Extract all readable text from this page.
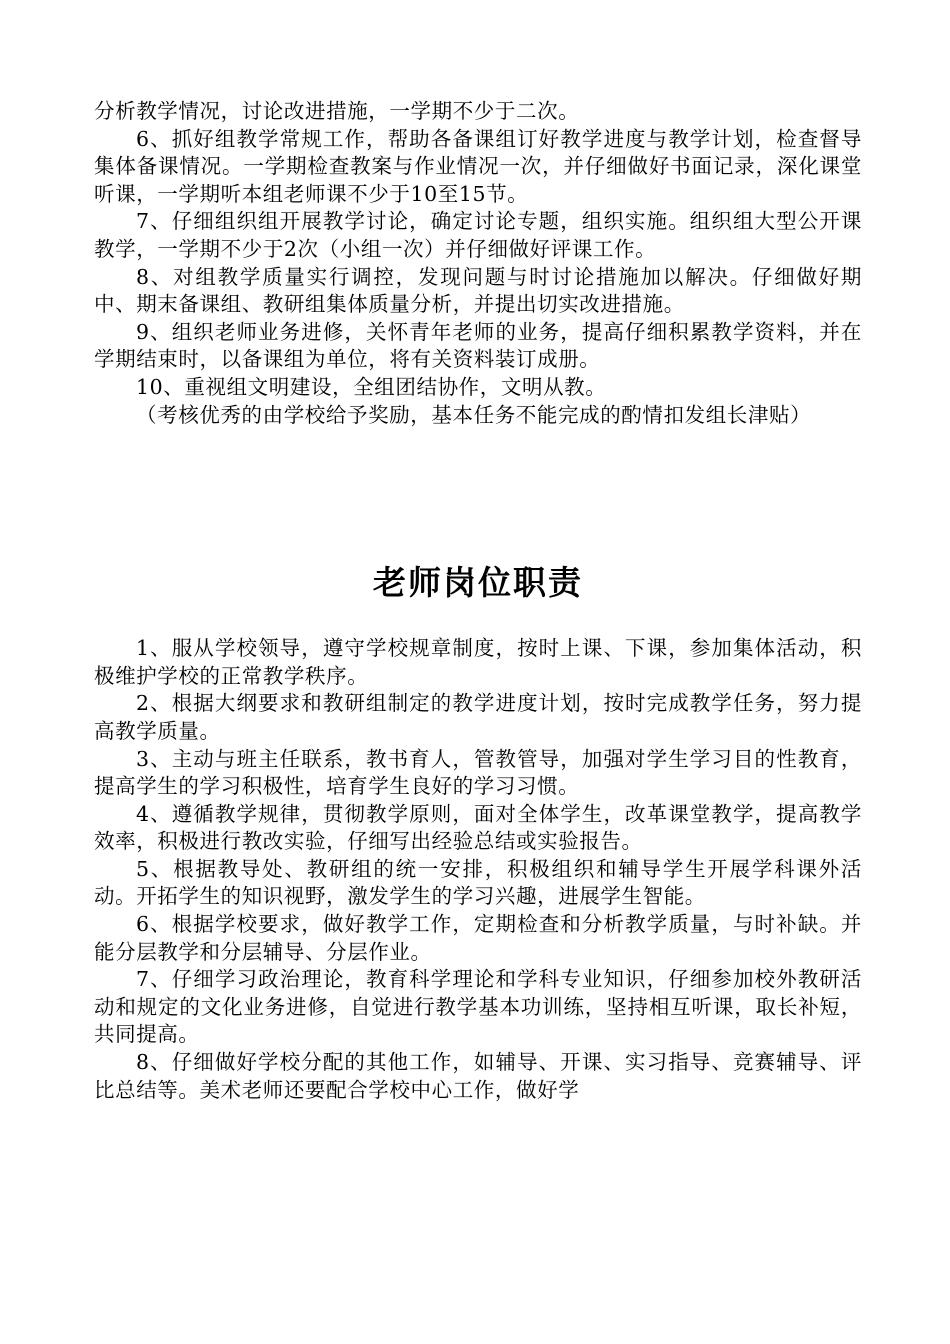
分析教学情况，讨论改进措施，一学期不少于二次。

6、抓好组教学常规工作，帮助各备课组订好教学进度与教学计划，检查督导集体备课情况。一学期检查教案与作业情况一次，并仔细做好书面记录，深化课堂听课，一学期听本组老师课不少于10至15节。

7、仔细组织组开展教学讨论，确定讨论专题，组织实施。组织组大型公开课教学，一学期不少于2次（小组一次）并仔细做好评课工作。

8、对组教学质量实行调控，发现问题与时讨论措施加以解决。仔细做好期中、期末备课组、教研组集体质量分析，并提出切实改进措施。

9、组织老师业务进修，关怀青年老师的业务，提高仔细积累教学资料，并在学期结束时，以备课组为单位，将有关资料装订成册。

10、重视组文明建设，全组团结协作，文明从教。

（考核优秀的由学校给予奖励，基本任务不能完成的酌情扣发组长津贴）

老师岗位职责

1、服从学校领导，遵守学校规章制度，按时上课、下课，参加集体活动，积极维护学校的正常教学秩序。

2、根据大纲要求和教研组制定的教学进度计划，按时完成教学任务，努力提高教学质量。

3、主动与班主任联系，教书育人，管教管导，加强对学生学习目的性教育，提高学生的学习积极性，培育学生良好的学习习惯。

4、遵循教学规律，贯彻教学原则，面对全体学生，改革课堂教学，提高教学效率，积极进行教改实验，仔细写出经验总结或实验报告。

5、根据教导处、教研组的统一安排，积极组织和辅导学生开展学科课外活动。开拓学生的知识视野，激发学生的学习兴趣，进展学生智能。

6、根据学校要求，做好教学工作，定期检查和分析教学质量，与时补缺。并能分层教学和分层辅导、分层作业。

7、仔细学习政治理论，教育科学理论和学科专业知识，仔细参加校外教研活动和规定的文化业务进修，自觉进行教学基本功训练，坚持相互听课，取长补短，共同提高。

8、仔细做好学校分配的其他工作，如辅导、开课、实习指导、竞赛辅导、评比总结等。美术老师还要配合学校中心工作，做好学
